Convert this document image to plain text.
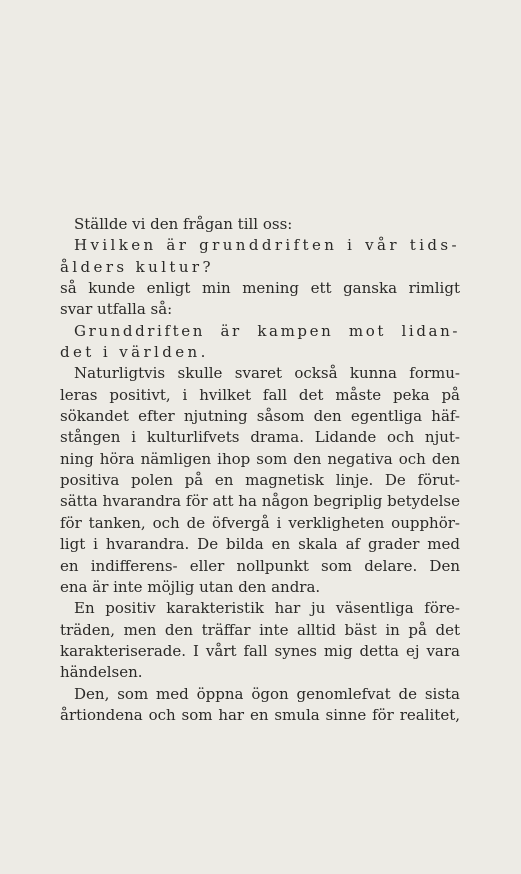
Ställde vi den frågan till oss:
Hvilken är grunddriften i vår tids-
ålders kultur?
så kunde enligt min mening ett ganska rimligt
svar utfalla så:
Grunddriften är kampen mot lidan-
det i världen.
Naturligtvis skulle svaret också kunna formu-
leras positivt, i hvilket fall det måste peka på
sökandet efter njutning såsom den egentliga häf-
stången i kulturlifvets drama. Lidande och njut-
ning höra nämligen ihop som den negativa och den
positiva polen på en magnetisk linje. De förut-
sätta hvarandra för att ha någon begriplig betydelse
för tanken, och de öfvergå i verkligheten oupphör-
ligt i hvarandra. De bilda en skala af grader med
en indifferens- eller nollpunkt som delare. Den
ena är inte möjlig utan den andra.
En positiv karakteristik har ju väsentliga före-
träden, men den träffar inte alltid bäst in på det
karakteriserade. I vårt fall synes mig detta ej vara
händelsen.
Den, som med öppna ögon genomlefvat de sista
årtiondena och som har en smula sinne för realitet,
